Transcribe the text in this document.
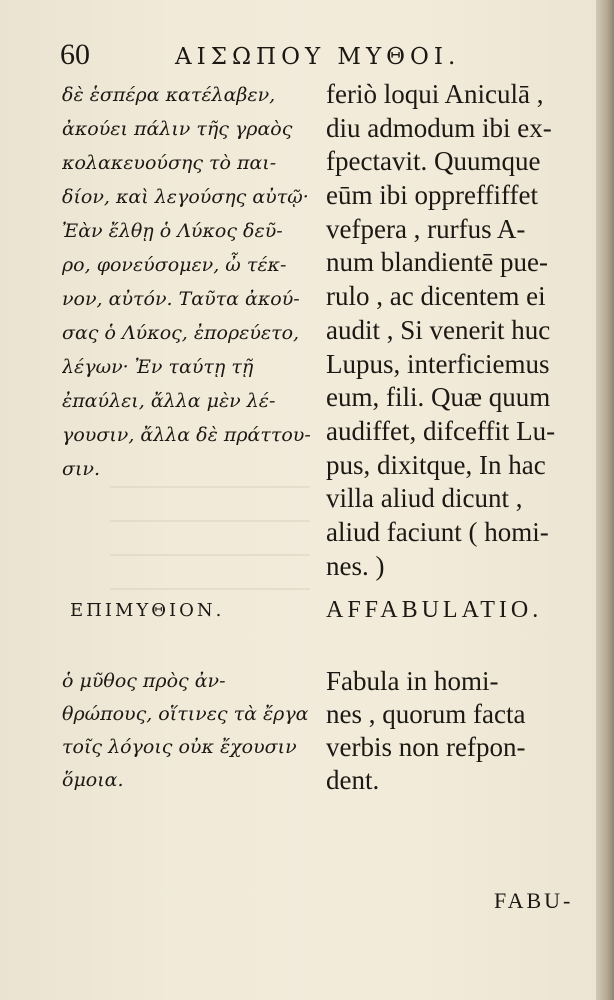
60	ΑΙΣΩΠΟΥ ΜΥΘΟΙ.
δὲ ἑσπέρα κατέλαβεν,
ἀκούει πάλιν τῆς γραὸς
κολακευούσης τὸ παι-
δίον, καὶ λεγούσης αὐτῷ·
Ἐὰν ἔλθῃ ὁ Λύκος δεῦ-
ρο, φονεύσομεν, ὦ τέκ-
νον, αὐτόν. Ταῦτα ἀκού-
σας ὁ Λύκος, ἐπορεύετο,
λέγων· Ἐν ταύτῃ τῇ
ἐπαύλει, ἄλλα μὲν λέ-
γουσιν, ἄλλα δὲ πράττου-
σιν.
feriò loqui Aniculā ,
diu admodum ibi ex-
fpectavit. Quumque
eūm ibi oppreffiffet
vefpera , rurfus A-
num blandientē pue-
rulo , ac dicentem ei
audit , Si venerit huc
Lupus, interficiemus
eum, fili. Quæ quum
audiffet, difceffit Lu-
pus, dixitque, In hac
villa aliud dicunt ,
aliud faciunt ( homi-
nes. )
ΕΠΙΜΥΘΙΟΝ.	AFFABULATIO.
ὁ μῦθος πρὸς ἀν-
θρώπους, οἵτινες τὰ ἔργα
τοῖς λόγοις οὐκ ἔχουσιν
ὅμοια.
Fabula in homi-
nes , quorum facta
verbis non refpon-
dent.
FABU-
